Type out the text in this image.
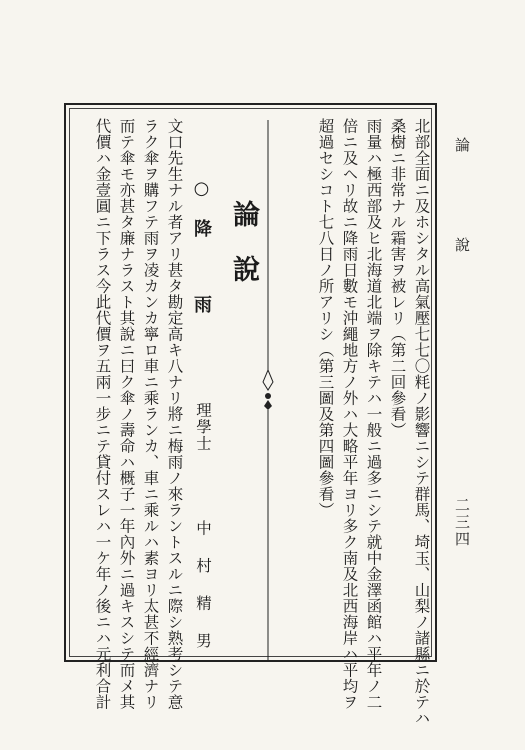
北部全面ニ及ホシタル高氣壓七七〇粍ノ影響ニシテ群馬、埼玉、山梨ノ諸縣ニ於テハ
桑樹ニ非常ナル霜害ヲ被レリ（第二回參看）
雨量ハ極西部及ヒ北海道北端ヲ除キテハ一般ニ過多ニシテ就中金澤函館ハ平年ノ二
倍ニ及ヘリ故ニ降雨日數モ沖繩地方ノ外ハ大略平年ヨリ多ク南及北西海岸ハ平均ヲ
超過セシコト七八日ノ所アリシ（第三圖及第四圖參看）
論說
○降　雨
理學士
中村精男
文口先生ナル者アリ甚タ勘定高キ八ナリ將ニ梅雨ノ來ラントスルニ際シ熟考シテ意
ラク傘ヲ購フテ雨ヲ凌カンカ寧ロ車ニ乘ランカ、車ニ乘ルハ素ヨリ太甚不經濟ナリ
而テ傘モ亦甚タ廉ナラスト其說ニ曰ク傘ノ壽命ハ概子一年內外ニ過キスシテ而メ其
代價ハ金壹圓ニ下ラス今此代價ヲ五兩一步ニテ貸付スレハ一ケ年ノ後ニハ元利合計	論　說
二三四
